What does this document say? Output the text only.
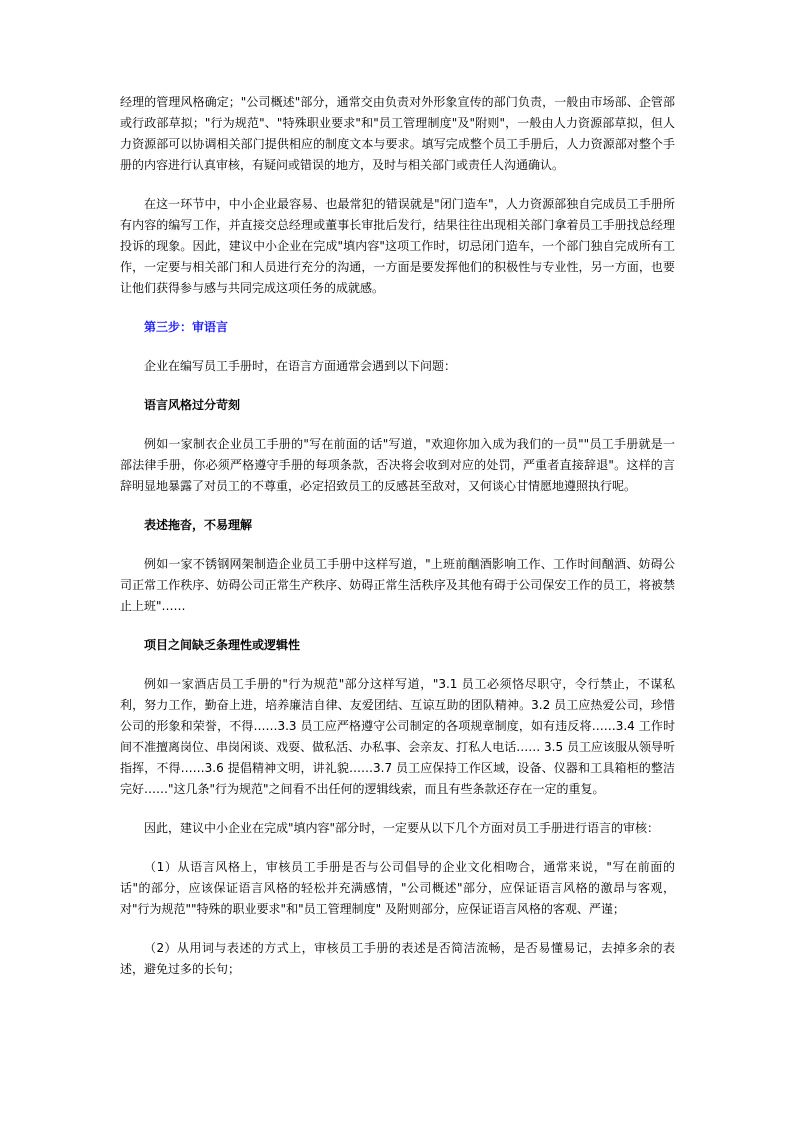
经理的管理风格确定；"公司概述"部分，通常交由负责对外形象宣传的部门负责，一般由市场部、企管部或行政部草拟；"行为规范"、"特殊职业要求"和"员工管理制度"及"附则"，一般由人力资源部草拟，但人力资源部可以协调相关部门提供相应的制度文本与要求。填写完成整个员工手册后，人力资源部对整个手册的内容进行认真审核，有疑问或错误的地方，及时与相关部门或责任人沟通确认。

在这一环节中，中小企业最容易、也最常犯的错误就是"闭门造车"，人力资源部独自完成员工手册所有内容的编写工作，并直接交总经理或董事长审批后发行，结果往往出现相关部门拿着员工手册找总经理投诉的现象。因此，建议中小企业在完成"填内容"这项工作时，切忌闭门造车，一个部门独自完成所有工作，一定要与相关部门和人员进行充分的沟通，一方面是要发挥他们的积极性与专业性，另一方面，也要让他们获得参与感与共同完成这项任务的成就感。

第三步：审语言

企业在编写员工手册时，在语言方面通常会遇到以下问题：

语言风格过分苛刻

例如一家制衣企业员工手册的"写在前面的话"写道，"欢迎你加入成为我们的一员""员工手册就是一部法律手册，你必须严格遵守手册的每项条款，否决将会收到对应的处罚，严重者直接辞退"。这样的言辞明显地暴露了对员工的不尊重，必定招致员工的反感甚至敌对，又何谈心甘情愿地遵照执行呢。

表述拖沓，不易理解

例如一家不锈钢网架制造企业员工手册中这样写道，"上班前酗酒影响工作、工作时间酗酒、妨碍公司正常工作秩序、妨碍公司正常生产秩序、妨碍正常生活秩序及其他有碍于公司保安工作的员工，将被禁止上班"……

项目之间缺乏条理性或逻辑性

例如一家酒店员工手册的"行为规范"部分这样写道，"3.1 员工必须恪尽职守，令行禁止，不谋私利，努力工作，勤奋上进，培养廉洁自律、友爱团结、互谅互助的团队精神。3.2 员工应热爱公司，珍惜公司的形象和荣誉，不得……3.3 员工应严格遵守公司制定的各项规章制度，如有违反将……3.4 工作时间不准擅离岗位、串岗闲谈、戏耍、做私活、办私事、会亲友、打私人电话…… 3.5 员工应该服从领导听指挥，不得……3.6 提倡精神文明，讲礼貌……3.7 员工应保持工作区域，设备、仪器和工具箱柜的整洁完好……"这几条"行为规范"之间看不出任何的逻辑线索，而且有些条款还存在一定的重复。

因此，建议中小企业在完成"填内容"部分时，一定要从以下几个方面对员工手册进行语言的审核：

（1）从语言风格上，审核员工手册是否与公司倡导的企业文化相吻合，通常来说，"写在前面的话"的部分，应该保证语言风格的轻松并充满感情，"公司概述"部分，应保证语言风格的激昂与客观，对"行为规范""特殊的职业要求"和"员工管理制度" 及附则部分，应保证语言风格的客观、严谨；

（2）从用词与表述的方式上，审核员工手册的表述是否简洁流畅，是否易懂易记，去掉多余的表述，避免过多的长句；
